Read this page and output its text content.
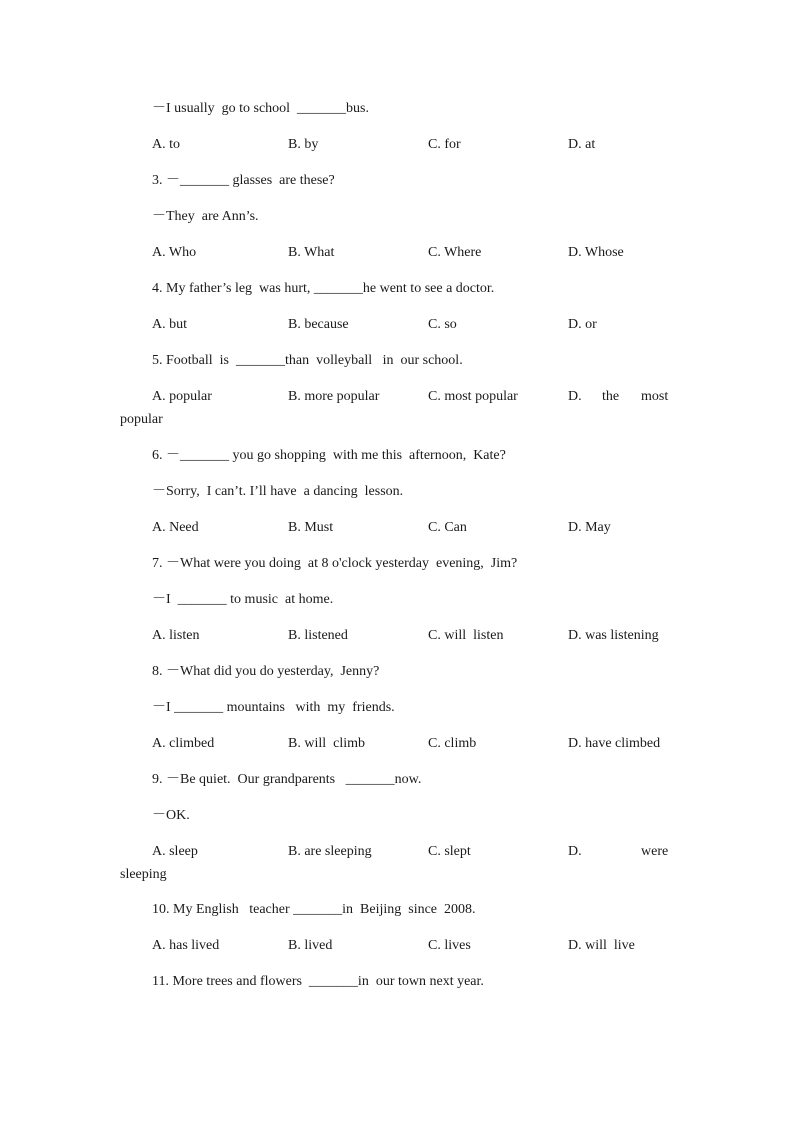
－I usually  go to school  _______bus.
A. to	B. by	C. for	D. at
3. －_______ glasses  are these?
－They  are Ann’s.
A. Who	B. What	C. Where	D. Whose
4. My father’s leg  was hurt, _______he went to see a doctor.
A. but	B. because	C. so	D. or
5. Football  is  _______than  volleyball   in  our school.
A. popular	B. more popular	C. most popular	D. the most
popular
6. －_______ you go shopping  with me this  afternoon,  Kate?
－Sorry,  I can’t. I’ll have  a dancing  lesson.
A. Need	B. Must	C. Can	D. May
7. －What were you doing  at 8 o'clock yesterday  evening,  Jim?
－I  _______ to music  at home.
A. listen	B. listened	C. will  listen	D. was listening
8. －What did you do yesterday,  Jenny?
－I _______ mountains   with  my  friends.
A. climbed	B. will  climb	C. climb	D. have climbed
9. －Be quiet.  Our grandparents   _______now.
－OK.
A. sleep	B. are sleeping	C. slept	D.	were
sleeping
10. My English   teacher _______in  Beijing  since  2008.
A. has lived	B. lived	C. lives	D. will  live
11. More trees and flowers  _______in  our town next year.
